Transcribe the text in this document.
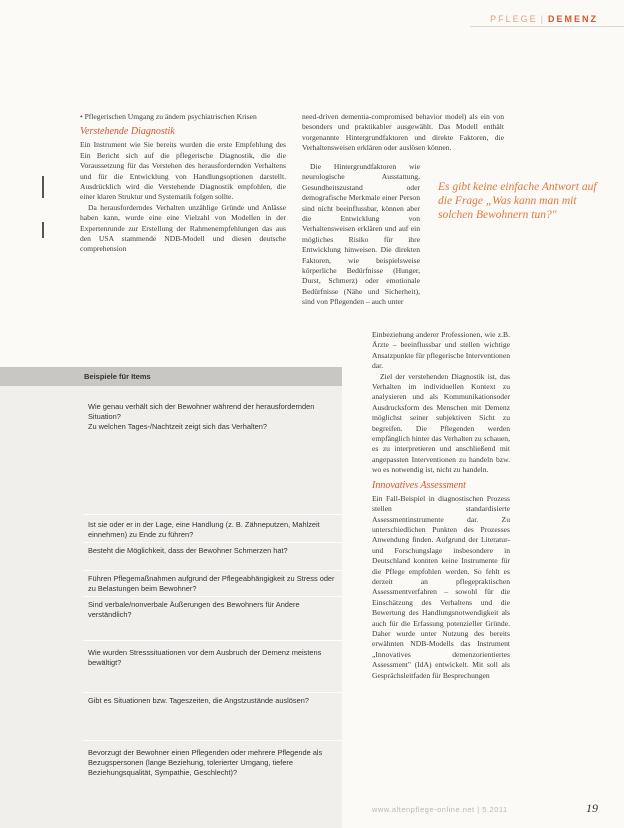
PFLEGE | DEMENZ

• Pflegerischen Umgang zu ändern psychiatrischen Krisen

Verstehende Diagnostik

Ein Instrument wie Sie bereits wurden die erste Empfehlung des Ein Bericht sich auf die pflegerische Diagnostik, die die Voraussetzung für das Verstehen des herausfordernden Verhaltens und für die Entwicklung von Handlungsoptionen darstellt. Ausdrücklich wird die Verstehende Diagnostik empfohlen, die einer klaren Struktur und Systematik folgen sollte.

Da herausforderndes Verhalten unzählige Gründe und Anlässe haben kann, wurde eine eine Vielzahl von Modellen in der Expertenrunde zur Erstellung der Rahmenempfehlungen das aus den USA stammende NDB-Modell und diesen deutsche comprehension

need-driven dementia-compromised behavior model) als ein von besonders und praktikabler ausgewählt. Das Modell enthält vorgenannte Hintergrundfaktoren und direkte Faktoren, die Verhaltensweisen erklären oder auslösen können.

Die Hintergrundfaktoren wie neurologische Ausstattung, Gesundheitszustand oder demografische Merkmale einer Person sind nicht beeinflussbar, können aber die Entwicklung von Verhaltensweisen erklären und auf ein mögliches Risiko für ihre Entwicklung hinweisen. Die direkten Faktoren, wie beispielsweise körperliche Bedürfnisse (Hunger, Durst, Schmerz) oder emotionale Bedürfnisse (Nähe und Sicherheit), sind von Pflegenden – auch unter

Es gibt keine einfache Antwort auf die Frage „Was kann man mit solchen Bewohnern tun?"

Einbeziehung anderer Professionen, wie z.B. Ärzte – beeinflussbar und stellen wichtige Ansatzpunkte für pflegerische Interventionen dar.

Ziel der verstehenden Diagnostik ist, das Verhalten im individuellen Kontext zu analysieren und als Kommunikationsoder Ausdrucksform des Menschen mit Demenz möglichst seiner subjektiven Sicht zu begreifen. Die Pflegenden werden empfänglich hinter das Verhalten zu schauen, es zu interpretieren und anschließend mit angepassten Interventionen zu handeln bzw. wo es notwendig ist, nicht zu handeln.

Innovatives Assessment

Ein Fall-Beispiel in diagnostischen Prozess stellen standardisierte Assessmentinstrumente dar. Zu unterschiedlichen Punkten des Prozesses Anwendung finden. Aufgrund der Literatur- und Forschungslage insbesondere in Deutschland konnten keine Instrumente für die Pflege empfohlen werden. So fehlt es derzeit an pflegepraktischen Assessmentverfahren – sowohl für die Einschätzung des Verhaltens und die Bewertung des Handlungsnotwendigkeit als auch für die Erfassung potenzieller Gründe. Daher wurde unter Nutzung des bereits erwähnten NDB-Modells das Instrument „Innovatives demenzorientiertes Assessment" (IdA) entwickelt. Mit soll als Gesprächsleitfaden für Besprechungen

Beispiele für Items
Wie genau verhält sich der Bewohner während der herausfordernden Situation?
Zu welchen Tages-/Nachtzeit zeigt sich das Verhalten?
Ist sie oder er in der Lage, eine Handlung (z. B. Zähneputzen, Mahlzeit einnehmen) zu Ende zu führen?
Besteht die Möglichkeit, dass der Bewohner Schmerzen hat?
Führen Pflegemaßnahmen aufgrund der Pflegeabhängigkeit zu Stress oder zu Belastungen beim Bewohner?
Sind verbale/nonverbale Äußerungen des Bewohners für Andere verständlich?
Wie wurden Stresssituationen vor dem Ausbruch der Demenz meistens bewältigt?
Gibt es Situationen bzw. Tageszeiten, die Angstzustände auslösen?
Bevorzugt der Bewohner einen Pflegenden oder mehrere Pflegende als Bezugspersonen (lange Beziehung, tolerierter Umgang, tiefere Beziehungsqualität, Sympathie, Geschlecht)?
www.altenpflege-online.net | 5.2011	19
